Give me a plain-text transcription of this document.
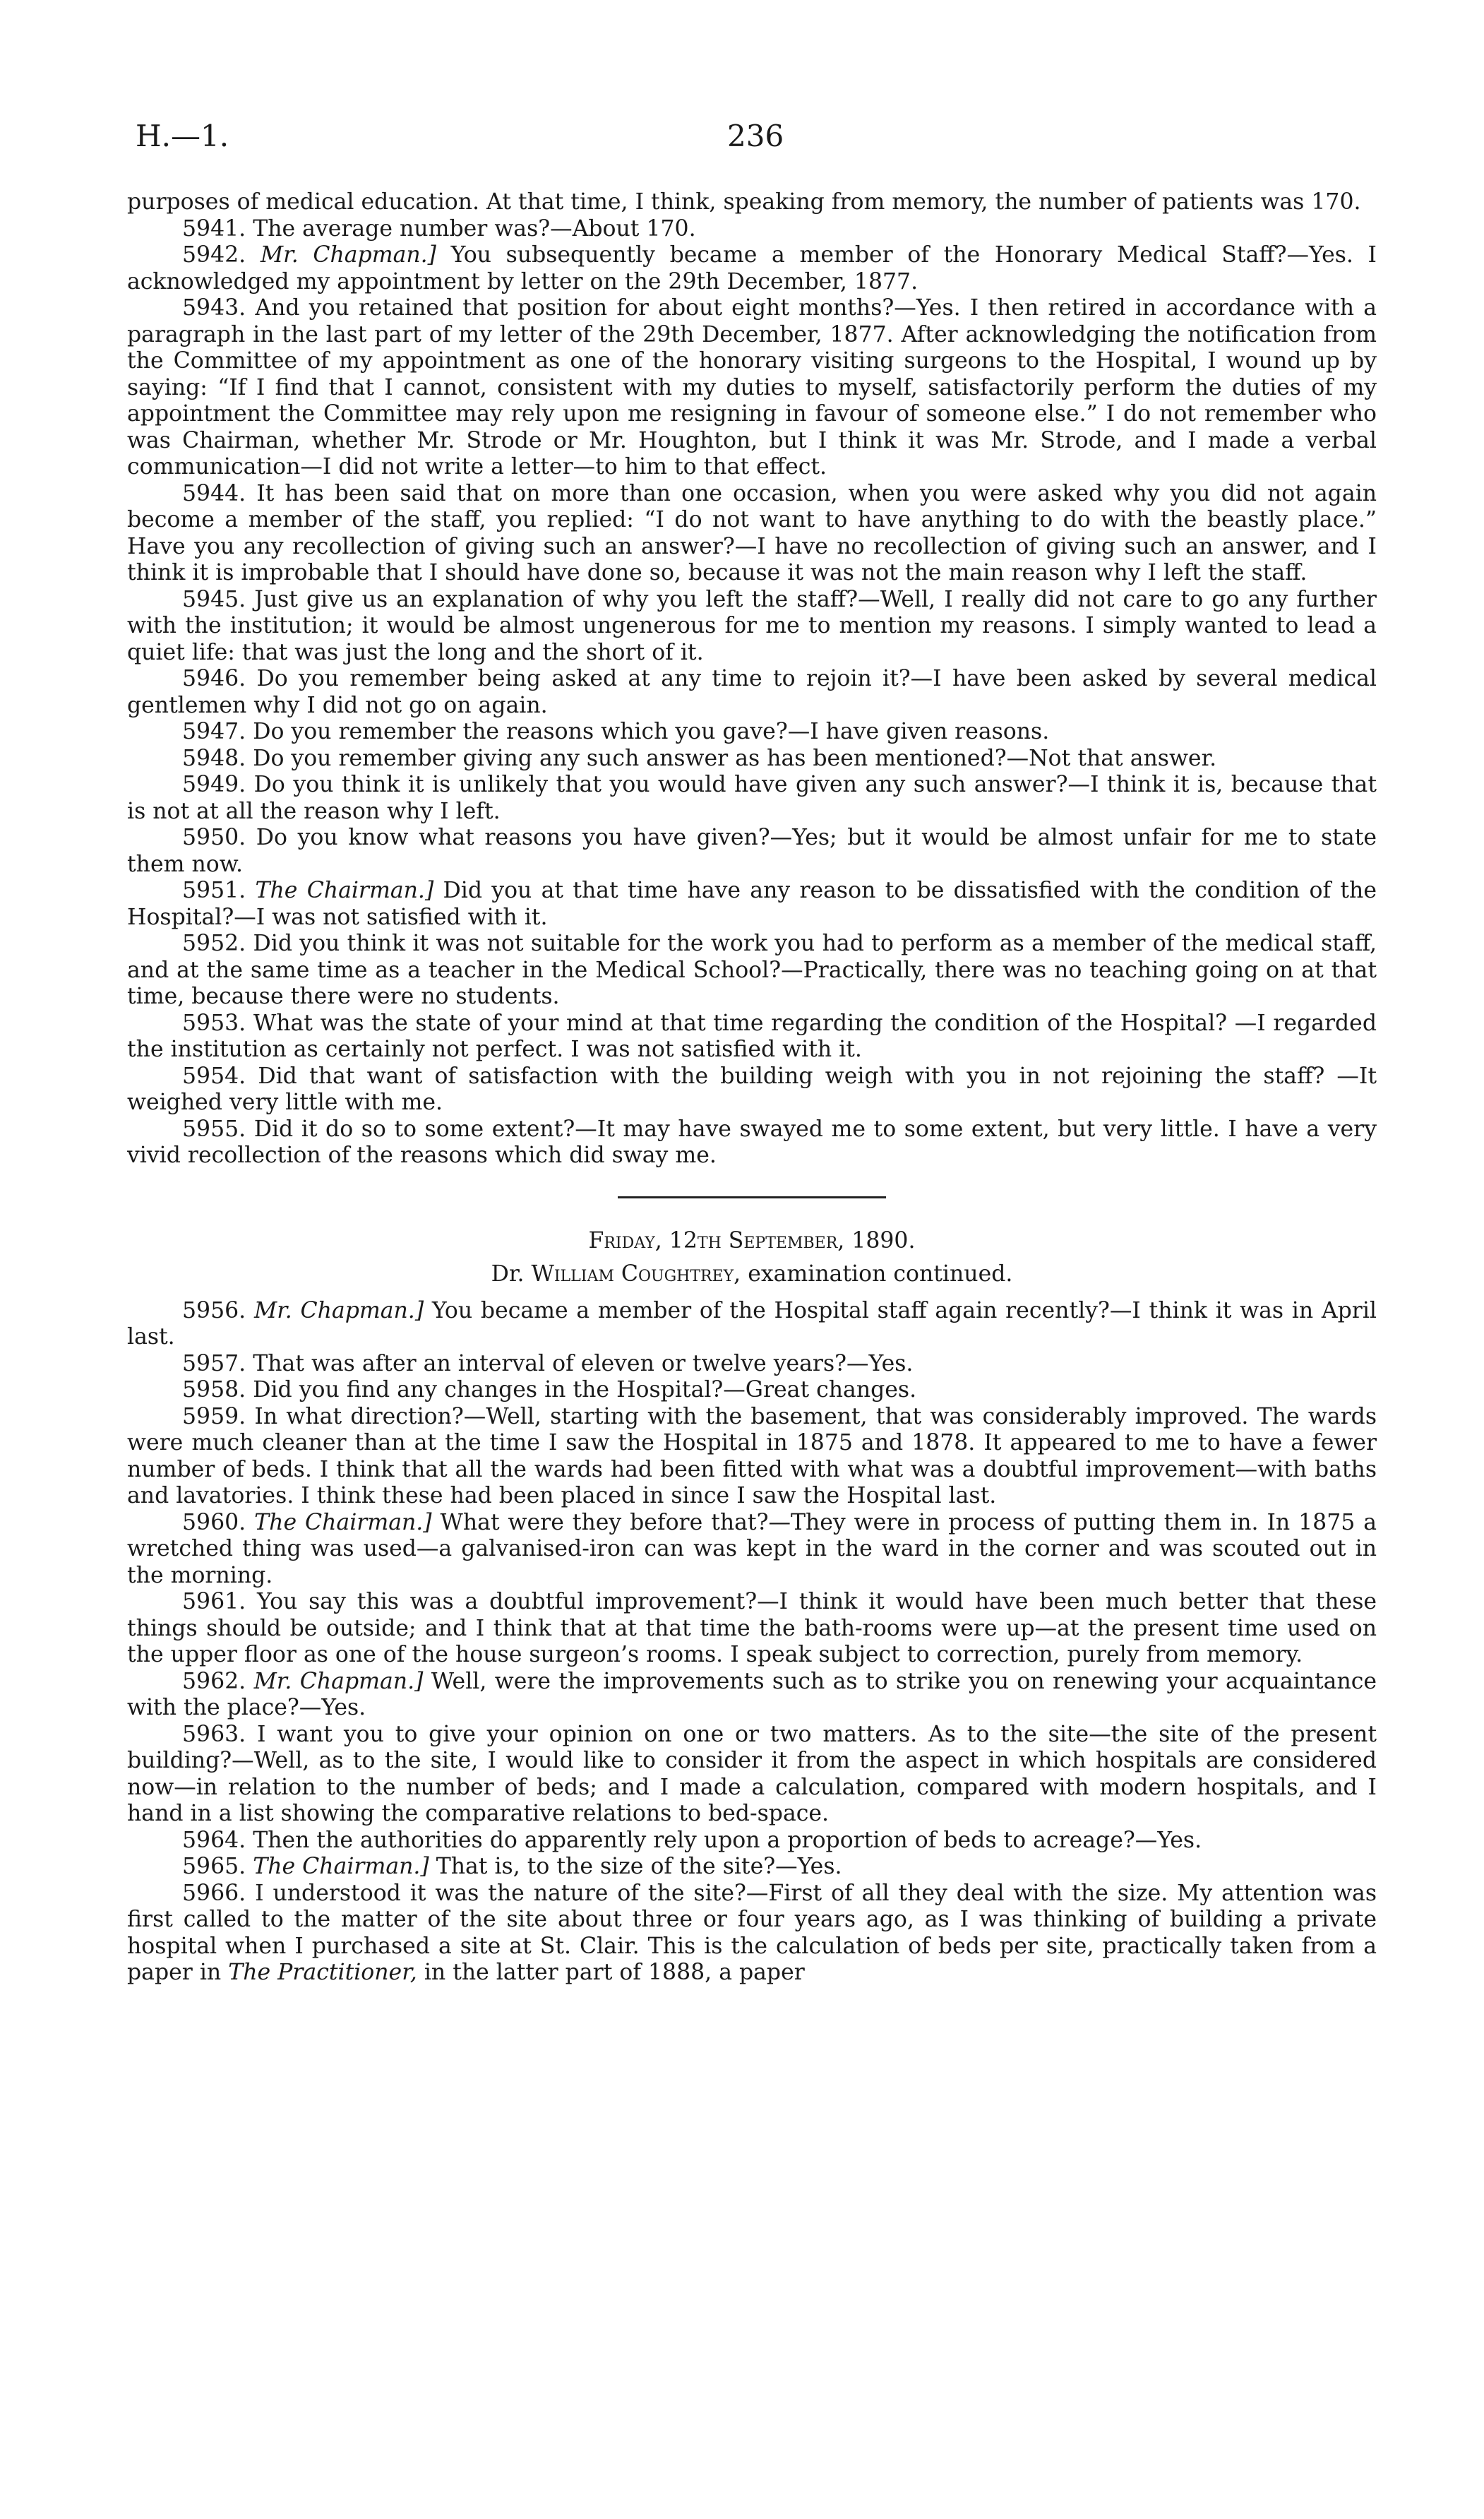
H.—1.	236

purposes of medical education. At that time, I think, speaking from memory, the number of patients was 170.

5941. The average number was?—About 170.

5942. Mr. Chapman.] You subsequently became a member of the Honorary Medical Staff?—Yes. I acknowledged my appointment by letter on the 29th December, 1877.

5943. And you retained that position for about eight months?—Yes. I then retired in accordance with a paragraph in the last part of my letter of the 29th December, 1877. After acknowledging the notification from the Committee of my appointment as one of the honorary visiting surgeons to the Hospital, I wound up by saying: “If I find that I cannot, consistent with my duties to myself, satisfactorily perform the duties of my appointment the Committee may rely upon me resigning in favour of someone else.” I do not remember who was Chairman, whether Mr. Strode or Mr. Houghton, but I think it was Mr. Strode, and I made a verbal communication—I did not write a letter—to him to that effect.

5944. It has been said that on more than one occasion, when you were asked why you did not again become a member of the staff, you replied: “I do not want to have anything to do with the beastly place.” Have you any recollection of giving such an answer?—I have no recollection of giving such an answer, and I think it is improbable that I should have done so, because it was not the main reason why I left the staff.

5945. Just give us an explanation of why you left the staff?—Well, I really did not care to go any further with the institution; it would be almost ungenerous for me to mention my reasons. I simply wanted to lead a quiet life: that was just the long and the short of it.

5946. Do you remember being asked at any time to rejoin it?—I have been asked by several medical gentlemen why I did not go on again.

5947. Do you remember the reasons which you gave?—I have given reasons.

5948. Do you remember giving any such answer as has been mentioned?—Not that answer.

5949. Do you think it is unlikely that you would have given any such answer?—I think it is, because that is not at all the reason why I left.

5950. Do you know what reasons you have given?—Yes; but it would be almost unfair for me to state them now.

5951. The Chairman.] Did you at that time have any reason to be dissatisfied with the condition of the Hospital?—I was not satisfied with it.

5952. Did you think it was not suitable for the work you had to perform as a member of the medical staff, and at the same time as a teacher in the Medical School?—Practically, there was no teaching going on at that time, because there were no students.

5953. What was the state of your mind at that time regarding the condition of the Hospital? —I regarded the institution as certainly not perfect. I was not satisfied with it.

5954. Did that want of satisfaction with the building weigh with you in not rejoining the staff? —It weighed very little with me.

5955. Did it do so to some extent?—It may have swayed me to some extent, but very little. I have a very vivid recollection of the reasons which did sway me.

Friday, 12th September, 1890.

Dr. William Coughtrey, examination continued.

5956. Mr. Chapman.] You became a member of the Hospital staff again recently?—I think it was in April last.

5957. That was after an interval of eleven or twelve years?—Yes.

5958. Did you find any changes in the Hospital?—Great changes.

5959. In what direction?—Well, starting with the basement, that was considerably improved. The wards were much cleaner than at the time I saw the Hospital in 1875 and 1878. It appeared to me to have a fewer number of beds. I think that all the wards had been fitted with what was a doubtful improvement—with baths and lavatories. I think these had been placed in since I saw the Hospital last.

5960. The Chairman.] What were they before that?—They were in process of putting them in. In 1875 a wretched thing was used—a galvanised-iron can was kept in the ward in the corner and was scouted out in the morning.

5961. You say this was a doubtful improvement?—I think it would have been much better that these things should be outside; and I think that at that time the bath-rooms were up—at the present time used on the upper floor as one of the house surgeon’s rooms. I speak subject to correction, purely from memory.

5962. Mr. Chapman.] Well, were the improvements such as to strike you on renewing your acquaintance with the place?—Yes.

5963. I want you to give your opinion on one or two matters. As to the site—the site of the present building?—Well, as to the site, I would like to consider it from the aspect in which hospitals are considered now—in relation to the number of beds; and I made a calculation, compared with modern hospitals, and I hand in a list showing the comparative relations to bed-space.

5964. Then the authorities do apparently rely upon a proportion of beds to acreage?—Yes.

5965. The Chairman.] That is, to the size of the site?—Yes.

5966. I understood it was the nature of the site?—First of all they deal with the size. My attention was first called to the matter of the site about three or four years ago, as I was thinking of building a private hospital when I purchased a site at St. Clair. This is the calculation of beds per site, practically taken from a paper in The Practitioner, in the latter part of 1888, a paper
